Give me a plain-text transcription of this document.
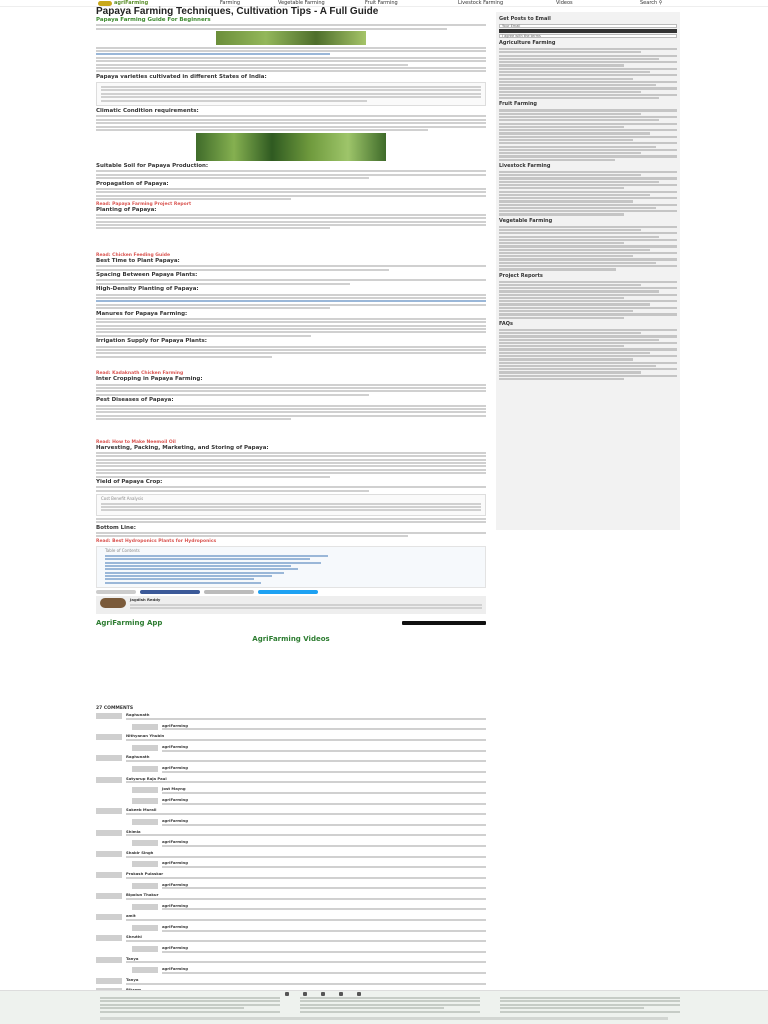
agriFarming	Farming	Vegetable Farming	Fruit Farming	Livestock Farming	Videos	Search ⚲
Papaya Farming Techniques, Cultivation Tips - A Full Guide
Papaya Farming Guide For Beginners
Papaya varieties cultivated in different States of India:
Climatic Condition requirements:
Suitable Soil for Papaya Production:
Propagation of Papaya:
Read: Papaya Farming Project Report
Planting of Papaya:
Read: Chicken Feeding Guide
Best Time to Plant Papaya:
Spacing Between Papaya Plants:
High-Density Planting of Papaya:
Manures for Papaya Farming:
Irrigation Supply for Papaya Plants:
Read: Kadaknath Chicken Farming
Inter Cropping in Papaya Farming:
Pest Diseases of Papaya:
Read: How to Make Neemoil Oil
Harvesting, Packing, Marketing, and Storing of Papaya:
Yield of Papaya Crop:
Cost Benefit Analysis
Bottom Line:
Read: Best Hydroponics Plants for Hydroponics
Table of Contents
Jagdish Reddy
AgriFarming App
AgriFarming Videos
Get Posts to Email
Your Email
I agree with the terms
Agriculture Farming
Fruit Farming
Livestock Farming
Vegetable Farming
Project Reports
FAQs
27 COMMENTS
Raghunath
agriFarming
Nithyanan Yhubin
agriFarming
Raghunath
agriFarming
Satyarup Raja Paul
Jost Mayng
agriFarming
Sakeeb Murali
agriFarming
Shimla
agriFarming
Shabir Singh
agriFarming
Prakash Pulaskar
agriFarming
Bipolun Thakur
agriFarming
amit
agriFarming
Shruthi
agriFarming
Tanya
agriFarming
Tanya
